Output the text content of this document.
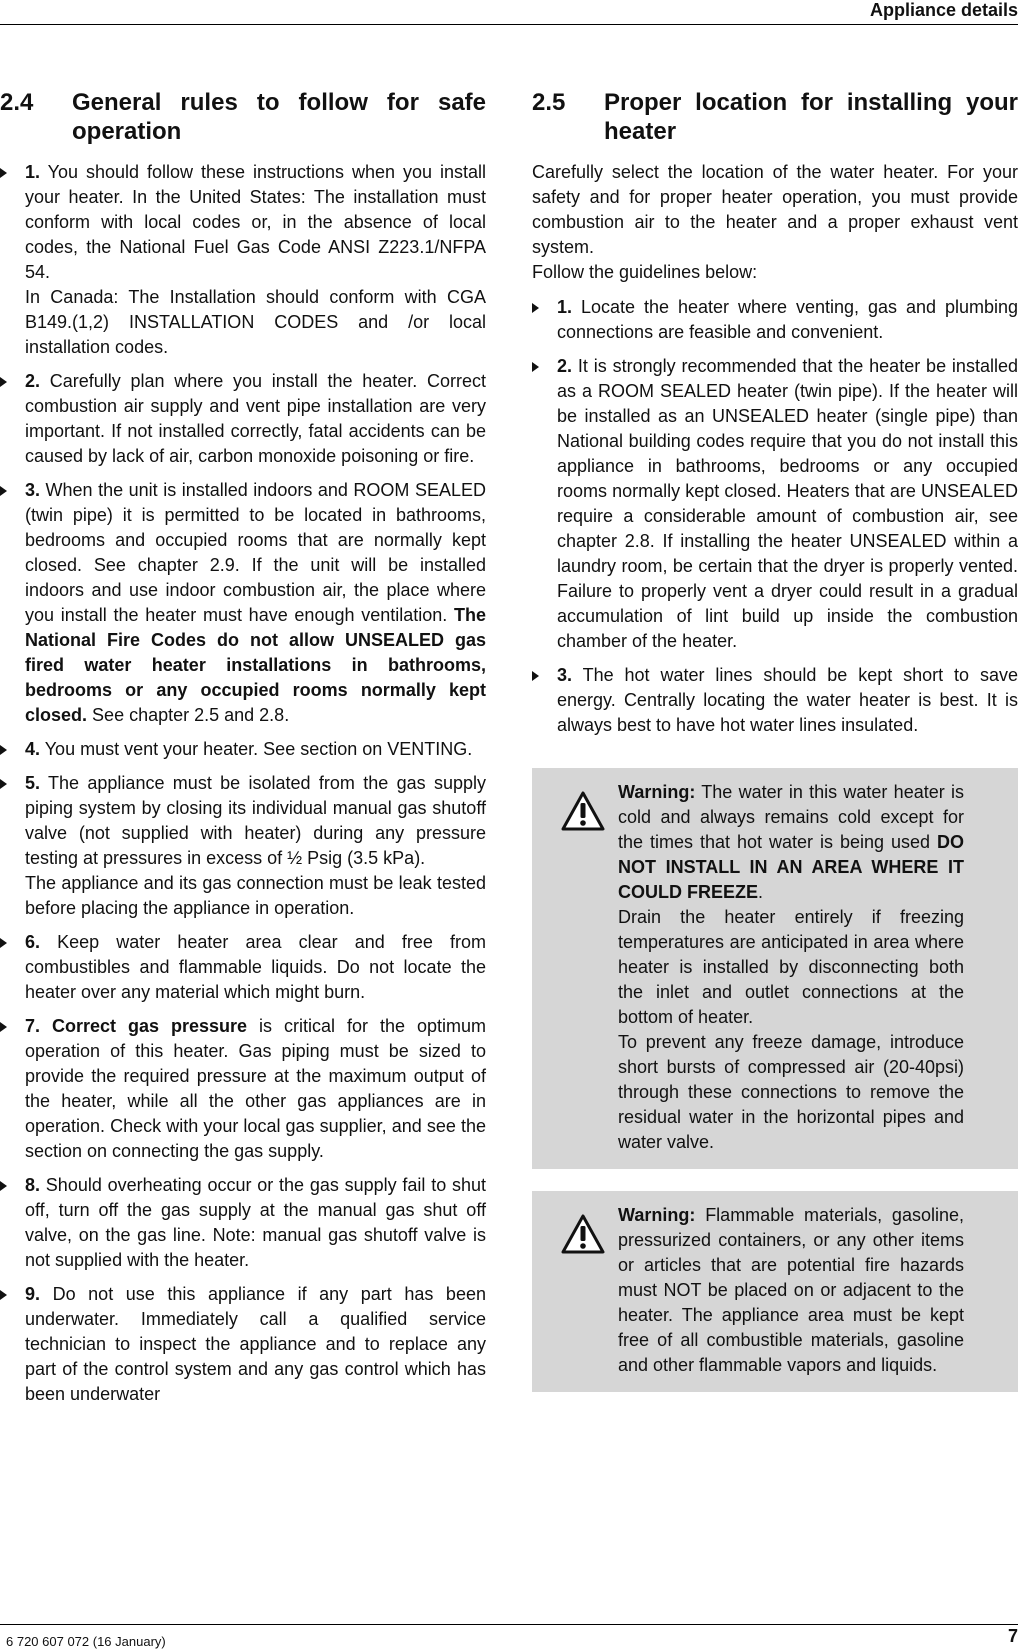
Appliance details
2.4	General rules to follow for safe operation

1. You should follow these instructions when you install your heater. In the United States: The installation must conform with local codes or, in the absence of local codes, the National Fuel Gas Code ANSI Z223.1/NFPA 54.

In Canada: The Installation should conform with CGA B149.(1,2) INSTALLATION CODES and /or local installation codes.

2. Carefully plan where you install the heater. Correct combustion air supply and vent pipe installation are very important. If not installed correctly, fatal accidents can be caused by lack of air, carbon monoxide poisoning or fire.

3. When the unit is installed indoors and ROOM SEALED (twin pipe) it is permitted to be located in bathrooms, bedrooms and occupied rooms that are normally kept closed. See chapter 2.9. If the unit will be installed indoors and use indoor combustion air, the place where you install the heater must have enough ventilation. The National Fire Codes do not allow UNSEALED gas fired water heater installations in bathrooms, bedrooms or any occupied rooms normally kept closed. See chapter 2.5 and 2.8.

4. You must vent your heater. See section on VENTING.

5. The appliance must be isolated from the gas supply piping system by closing its individual manual gas shutoff valve (not supplied with heater) during any pressure testing at pressures in excess of ½ Psig (3.5 kPa).

The appliance and its gas connection must be leak tested before placing the appliance in operation.

6. Keep water heater area clear and free from combustibles and flammable liquids. Do not locate the heater over any material which might burn.

7. Correct gas pressure is critical for the optimum operation of this heater. Gas piping must be sized to provide the required pressure at the maximum output of the heater, while all the other gas appliances are in operation. Check with your local gas supplier, and see the section on connecting the gas supply.

8. Should overheating occur or the gas supply fail to shut off, turn off the gas supply at the manual gas shut off valve, on the gas line. Note: manual gas shutoff valve is not supplied with the heater.

9. Do not use this appliance if any part has been underwater. Immediately call a qualified service technician to inspect the appliance and to replace any part of the control system and any gas control which has been underwater

2.5	Proper location for installing your heater

Carefully select the location of the water heater. For your safety and for proper heater operation, you must provide combustion air to the heater and a proper exhaust vent system.

Follow the guidelines below:

1. Locate the heater where venting, gas and plumbing connections are feasible and convenient.

2. It is strongly recommended that the heater be installed as a ROOM SEALED heater (twin pipe). If the heater will be installed as an UNSEALED heater (single pipe) than National building codes require that you do not install this appliance in bathrooms, bedrooms or any occupied rooms normally kept closed. Heaters that are UNSEALED require a considerable amount of combustion air, see chapter 2.8. If installing the heater UNSEALED within a laundry room, be certain that the dryer is properly vented. Failure to properly vent a dryer could result in a gradual accumulation of lint build up inside the combustion chamber of the heater.

3. The hot water lines should be kept short to save energy. Centrally locating the water heater is best. It is always best to have hot water lines insulated.

Warning: The water in this water heater is cold and always remains cold except for the times that hot water is being used DO NOT INSTALL IN AN AREA WHERE IT COULD FREEZE.

Drain the heater entirely if freezing temperatures are anticipated in area where heater is installed by disconnecting both the inlet and outlet connections at the bottom of heater.

To prevent any freeze damage, introduce short bursts of compressed air (20-40psi) through these connections to remove the residual water in the horizontal pipes and water valve.

Warning: Flammable materials, gasoline, pressurized containers, or any other items or articles that are potential fire hazards must NOT be placed on or adjacent to the heater. The appliance area must be kept free of all combustible materials, gasoline and other flammable vapors and liquids.

6 720 607 072 (16 January)	7
